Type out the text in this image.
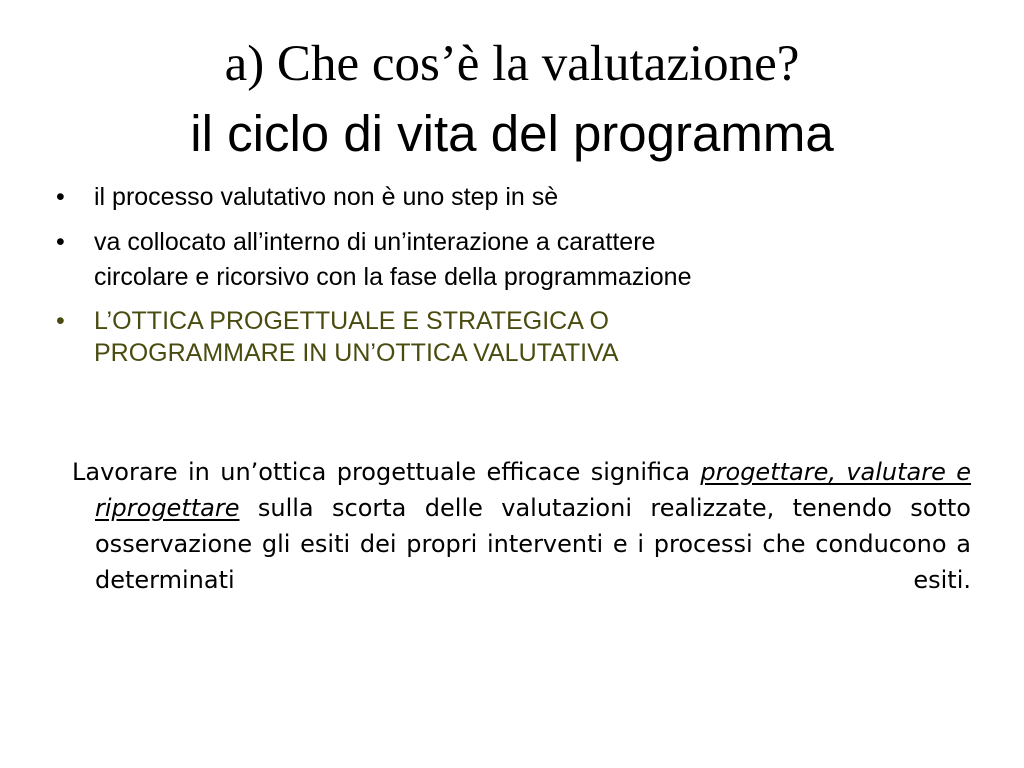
a) Che cos’è la valutazione?
il ciclo di vita del programma
• il processo valutativo non è uno step in sè
• va collocato all’interno di un’interazione a carattere
circolare e ricorsivo con la fase della programmazione
• L’OTTICA PROGETTUALE E STRATEGICA O
PROGRAMMARE IN UN’OTTICA VALUTATIVA

Lavorare in un’ottica progettuale efficace significa progettare, valutare e riprogettare sulla scorta delle valutazioni realizzate, tenendo sotto osservazione gli esiti dei propri interventi e i processi che conducono a determinati esiti.
